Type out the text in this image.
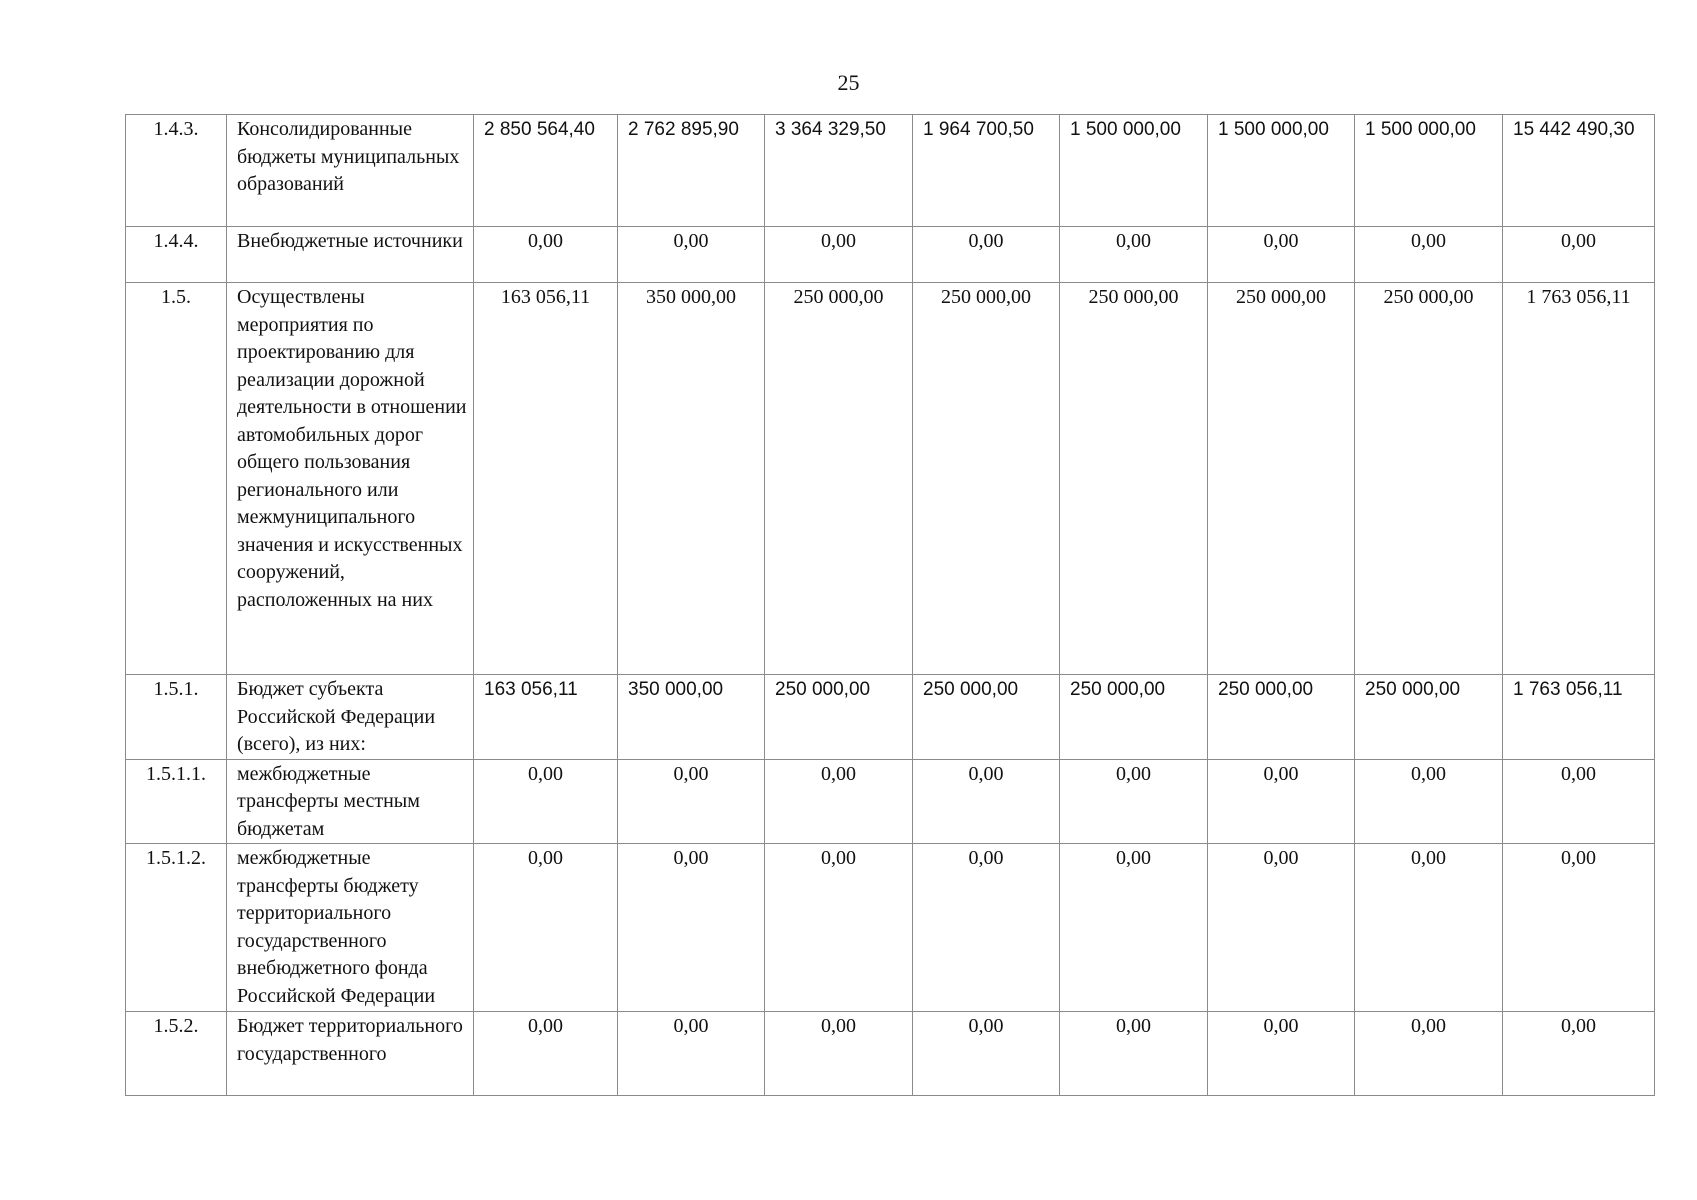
25
1.4.3.	Консолидированные бюджеты муниципальных образований	2 850 564,40	2 762 895,90	3 364 329,50	1 964 700,50	1 500 000,00	1 500 000,00	1 500 000,00	15 442 490,30
1.4.4.	Внебюджетные источники	0,00	0,00	0,00	0,00	0,00	0,00	0,00	0,00
1.5.	Осуществлены мероприятия по проектированию для реализации дорожной деятельности в отношении автомобильных дорог общего пользования регионального или межмуниципального значения и искусственных сооружений, расположенных на них	163 056,11	350 000,00	250 000,00	250 000,00	250 000,00	250 000,00	250 000,00	1 763 056,11
1.5.1.	Бюджет субъекта Российской Федерации (всего), из них:	163 056,11	350 000,00	250 000,00	250 000,00	250 000,00	250 000,00	250 000,00	1 763 056,11
1.5.1.1.	межбюджетные трансферты местным бюджетам	0,00	0,00	0,00	0,00	0,00	0,00	0,00	0,00
1.5.1.2.	межбюджетные трансферты бюджету территориального государственного внебюджетного фонда Российской Федерации	0,00	0,00	0,00	0,00	0,00	0,00	0,00	0,00
1.5.2.	Бюджет территориального государственного	0,00	0,00	0,00	0,00	0,00	0,00	0,00	0,00
